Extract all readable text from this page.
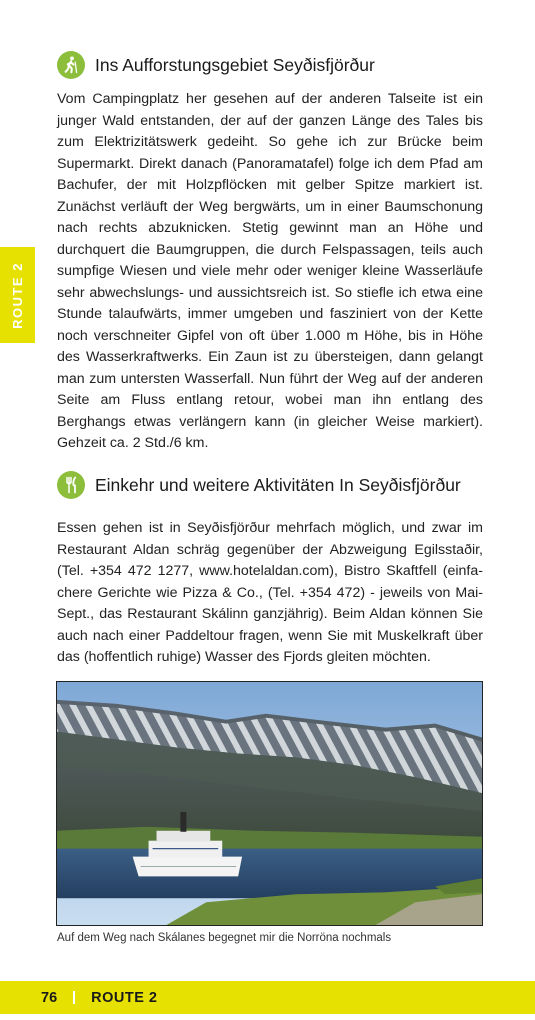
ROUTE 2
Ins Aufforstungsgebiet Seyðisfjörður

Vom Campingplatz her gesehen auf der anderen Talseite ist ein junger Wald entstanden, der auf der ganzen Länge des Tales bis zum Elektrizitätswerk gedeiht. So gehe ich zur Brücke beim Supermarkt. Direkt danach (Panoramatafel) folge ich dem Pfad am Bachufer, der mit Holzpflöcken mit gelber Spitze markiert ist. Zunächst verläuft der Weg bergwärts, um in einer Baumschonung nach rechts abzuknicken. Stetig gewinnt man an Höhe und durchquert die Baumgruppen, die durch Felspassagen, teils auch sumpfige Wiesen und viele mehr oder weniger kleine Wasserläufe sehr abwechslungs- und aussichtsreich ist. So stiefle ich etwa eine Stunde talaufwärts, immer umgeben und fasziniert von der Kette noch verschneiter Gipfel von oft über 1.000 m Höhe, bis in Höhe des Wasserkraftwerks. Ein Zaun ist zu übersteigen, dann gelangt man zum untersten Wasserfall. Nun führt der Weg auf der anderen Seite am Fluss entlang retour, wobei man ihn entlang des Berghangs etwas verlängern kann (in gleicher Weise markiert). Gehzeit ca. 2 Std./6 km.

Einkehr und weitere Aktivitäten In Seyðisfjörður

Essen gehen ist in Seyðisfjörður mehrfach möglich, und zwar im Restaurant Aldan schräg gegenüber der Abzweigung Egilsstaðir, (Tel. +354 472 1277, www.hotelaldan.com), Bistro Skaftfell (einfachere Gerichte wie Pizza & Co., (Tel. +354 472) - jeweils von Mai-Sept., das Restaurant Skálinn ganzjährig). Beim Aldan können Sie auch nach einer Paddeltour fragen, wenn Sie mit Muskelkraft über das (hoffentlich ruhige) Wasser des Fjords gleiten möchten.

Auf dem Weg nach Skálanes begegnet mir die Norröna nochmals
76 ROUTE 2
